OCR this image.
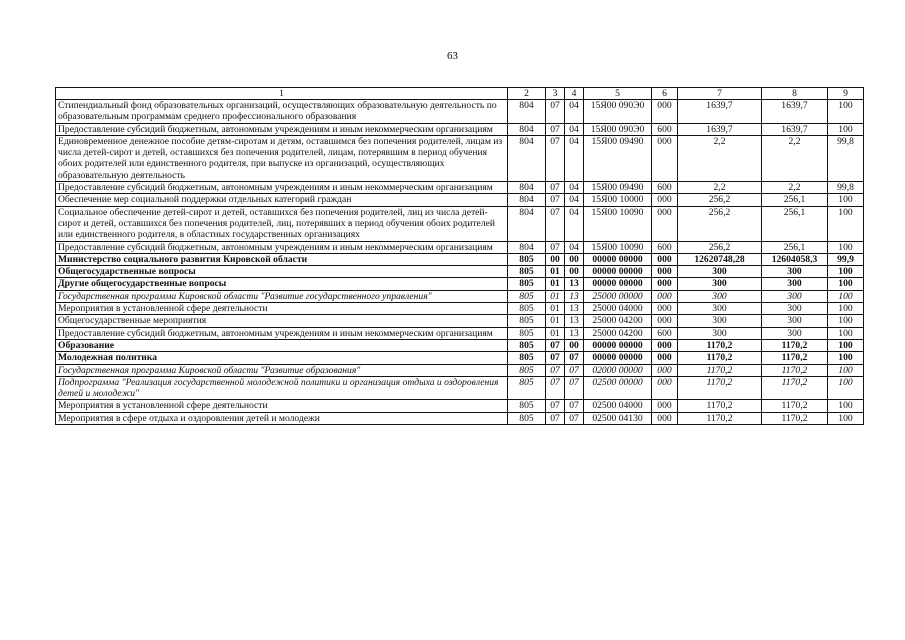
63
1	2	3	4	5	6	7	8	9
Стипендиальный фонд образовательных организаций, осуществляющих образовательную деятельность по образовательным программам среднего профессионального образования	804	07	04	15Я00 090Э0	000	1639,7	1639,7	100
Предоставление субсидий бюджетным, автономным учреждениям и иным некоммерческим организациям	804	07	04	15Я00 090Э0	600	1639,7	1639,7	100
Единовременное денежное пособие детям-сиротам и детям, оставшимся без попечения родителей, лицам из числа детей-сирот и детей, оставшихся без попечения родителей, лицам, потерявшим в период обучения обоих родителей или единственного родителя, при выпуске из организаций, осуществляющих образовательную деятельность	804	07	04	15Я00 09490	000	2,2	2,2	99,8
Предоставление субсидий бюджетным, автономным учреждениям и иным некоммерческим организациям	804	07	04	15Я00 09490	600	2,2	2,2	99,8
Обеспечение мер социальной поддержки отдельных категорий граждан	804	07	04	15Я00 10000	000	256,2	256,1	100
Социальное обеспечение детей-сирот и детей, оставшихся без попечения родителей, лиц из числа детей-сирот и детей, оставшихся без попечения родителей, лиц, потерявших в период обучения обоих родителей или единственного родителя, в областных государственных организациях	804	07	04	15Я00 10090	000	256,2	256,1	100
Предоставление субсидий бюджетным, автономным учреждениям и иным некоммерческим организациям	804	07	04	15Я00 10090	600	256,2	256,1	100
Министерство социального развития Кировской области	805	00	00	00000 00000	000	12620748,28	12604058,3	99,9
Общегосударственные вопросы	805	01	00	00000 00000	000	300	300	100
Другие общегосударственные вопросы	805	01	13	00000 00000	000	300	300	100
Государственная программа Кировской области "Развитие государственного управления"	805	01	13	25000 00000	000	300	300	100
Мероприятия в установленной сфере деятельности	805	01	13	25000 04000	000	300	300	100
Общегосударственные мероприятия	805	01	13	25000 04200	000	300	300	100
Предоставление субсидий бюджетным, автономным учреждениям и иным некоммерческим организациям	805	01	13	25000 04200	600	300	300	100
Образование	805	07	00	00000 00000	000	1170,2	1170,2	100
Молодежная политика	805	07	07	00000 00000	000	1170,2	1170,2	100
Государственная программа Кировской области "Развитие образования"	805	07	07	02000 00000	000	1170,2	1170,2	100
Подпрограмма "Реализация государственной молодежной политики и организация отдыха и оздоровления детей и молодежи"	805	07	07	02500 00000	000	1170,2	1170,2	100
Мероприятия в установленной сфере деятельности	805	07	07	02500 04000	000	1170,2	1170,2	100
Мероприятия в сфере отдыха и оздоровления детей и молодежи	805	07	07	02500 04130	000	1170,2	1170,2	100
